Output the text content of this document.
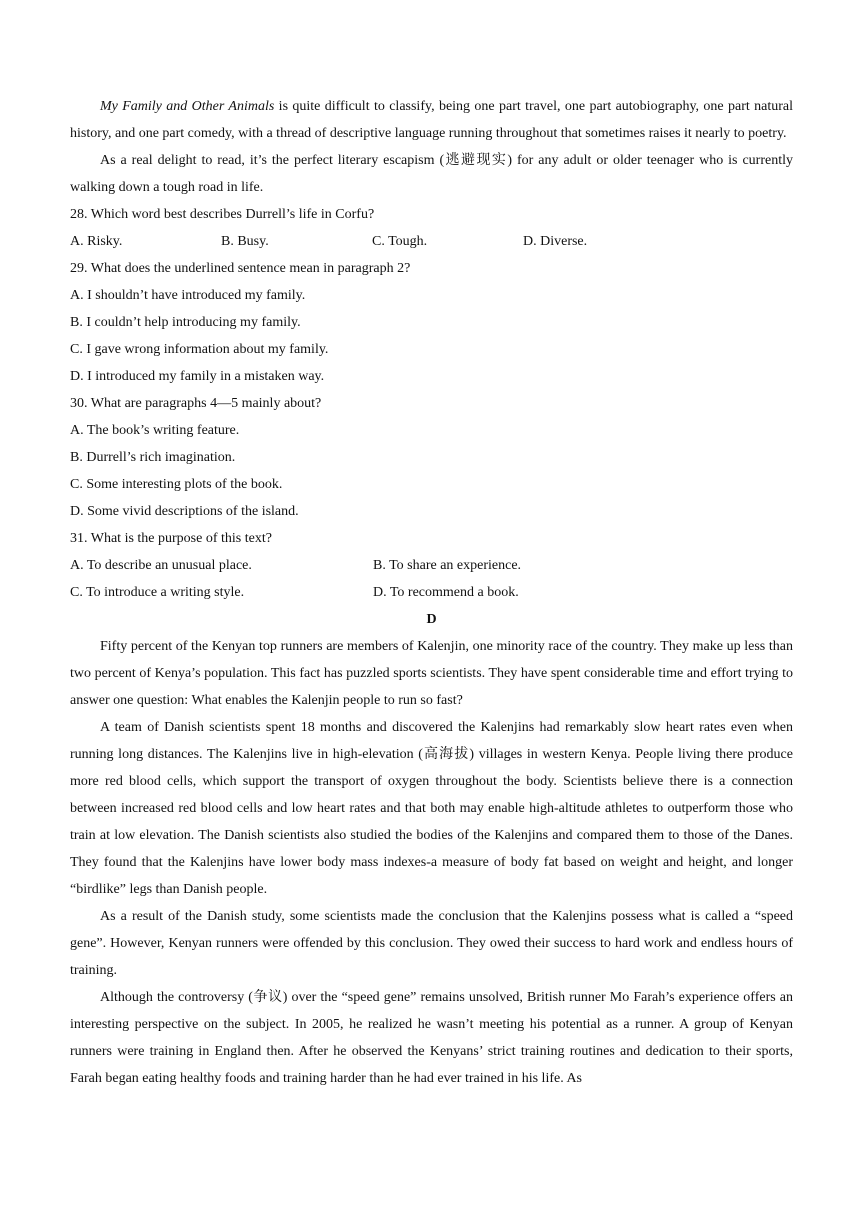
My Family and Other Animals is quite difficult to classify, being one part travel, one part autobiography, one part natural history, and one part comedy, with a thread of descriptive language running throughout that sometimes raises it nearly to poetry.

As a real delight to read, it’s the perfect literary escapism (逃避现实) for any adult or older teenager who is currently walking down a tough road in life.

28. Which word best describes Durrell’s life in Corfu?
A. Risky.	B. Busy.	C. Tough.	D. Diverse.
29. What does the underlined sentence mean in paragraph 2?
A. I shouldn’t have introduced my family.
B. I couldn’t help introducing my family.
C. I gave wrong information about my family.
D. I introduced my family in a mistaken way.
30. What are paragraphs 4—5 mainly about?
A. The book’s writing feature.
B. Durrell’s rich imagination.
C. Some interesting plots of the book.
D. Some vivid descriptions of the island.
31. What is the purpose of this text?
A. To describe an unusual place.	B. To share an experience.
C. To introduce a writing style.	D. To recommend a book.
D

Fifty percent of the Kenyan top runners are members of Kalenjin, one minority race of the country. They make up less than two percent of Kenya’s population. This fact has puzzled sports scientists. They have spent considerable time and effort trying to answer one question: What enables the Kalenjin people to run so fast?

A team of Danish scientists spent 18 months and discovered the Kalenjins had remarkably slow heart rates even when running long distances. The Kalenjins live in high-elevation (高海拔) villages in western Kenya. People living there produce more red blood cells, which support the transport of oxygen throughout the body. Scientists believe there is a connection between increased red blood cells and low heart rates and that both may enable high-altitude athletes to outperform those who train at low elevation. The Danish scientists also studied the bodies of the Kalenjins and compared them to those of the Danes. They found that the Kalenjins have lower body mass indexes-a measure of body fat based on weight and height, and longer “birdlike” legs than Danish people.

As a result of the Danish study, some scientists made the conclusion that the Kalenjins possess what is called a “speed gene”. However, Kenyan runners were offended by this conclusion. They owed their success to hard work and endless hours of training.

Although the controversy (争议) over the “speed gene” remains unsolved, British runner Mo Farah’s experience offers an interesting perspective on the subject. In 2005, he realized he wasn’t meeting his potential as a runner. A group of Kenyan runners were training in England then. After he observed the Kenyans’ strict training routines and dedication to their sports, Farah began eating healthy foods and training harder than he had ever trained in his life. As
